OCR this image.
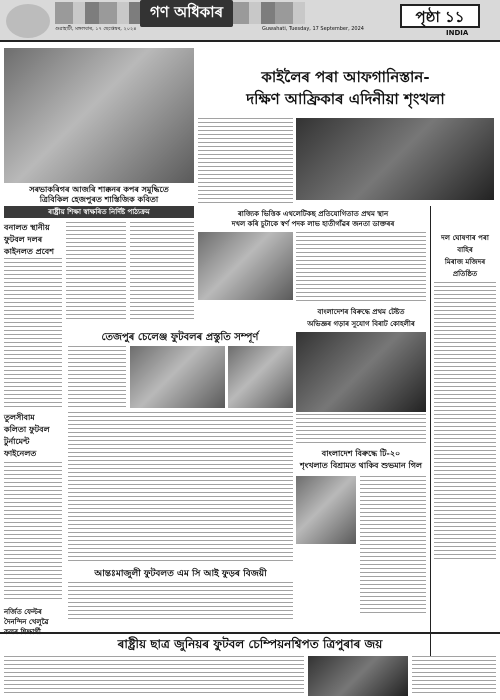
গণ অধিকাৰ
গুৱাহাটী, মঙ্গলবাৰ, ১৭ ছেপ্তেম্বৰ, ২০২৪	Guwahati, Tuesday, 17 September, 2024
পৃষ্ঠা ১১
INDIA
সৰভাকৰিগৰ আজৰি শাক্কনৰ কপৰ সমুদ্ধিতে
ত্ৰিবিকিল হেজপুৰত শাস্তিজিক কবিতা
ৰাষ্ট্ৰীয় শিক্ষা স্বাক্ষৰিত নিৰ্দিষ্ট পাঠ্যক্ৰম
কাইলৈৰ পৰা আফগানিস্তান-
দক্ষিণ আফ্ৰিকাৰ এদিনীয়া শৃংখলা
বনালত স্থানীয়
ফুটবল দলৰ
কাইনলত প্ৰবেশ
ৰাজ্যিক ভিত্তিক এথলেটিকছ প্ৰতিযোগিতাত প্ৰথম স্থান
দখল কৰি চুটাকে স্বৰ্ণ পদক লাভ হাতীগাঁৱৰ জনতা ডাক্তৰৰ
দল ঘোষণাৰ পৰা
বাহিৰ
মিৰাজ মজিদৰ
প্ৰতিষ্ঠিত
তেজপুৰ চেলেঞ্জ ফুটবলৰ প্ৰস্তুতি সম্পূৰ্ণ
বাংলাদেশৰ বিৰুদ্ধে প্ৰথম টেষ্টত
অভিজ্ঞৰ গড়াৰ সুযোগ বিৰাট কোহলীৰ
তুলসীবাম
কলিতা ফুটবল
টুৰ্নামেন্ট
ফাইনেলত	বাংলাদেশ বিৰুদ্ধে টি-২০
শৃংখলাত বিশ্ৰামত থাকিব শুভমান গিল
আন্তঃমাজুলী ফুটবলত এম সি আই ফুড়ৰ বিজয়ী
নৰ্জিত ফেল্টৰ
দৈনন্দিন খেলুৱৈ
ৰাষ্ট্ৰীয় ছাত্ৰ জুনিয়ৰ ফুটবল চেম্পিয়নশ্বিপত ত্ৰিপুৰাৰ জয়
